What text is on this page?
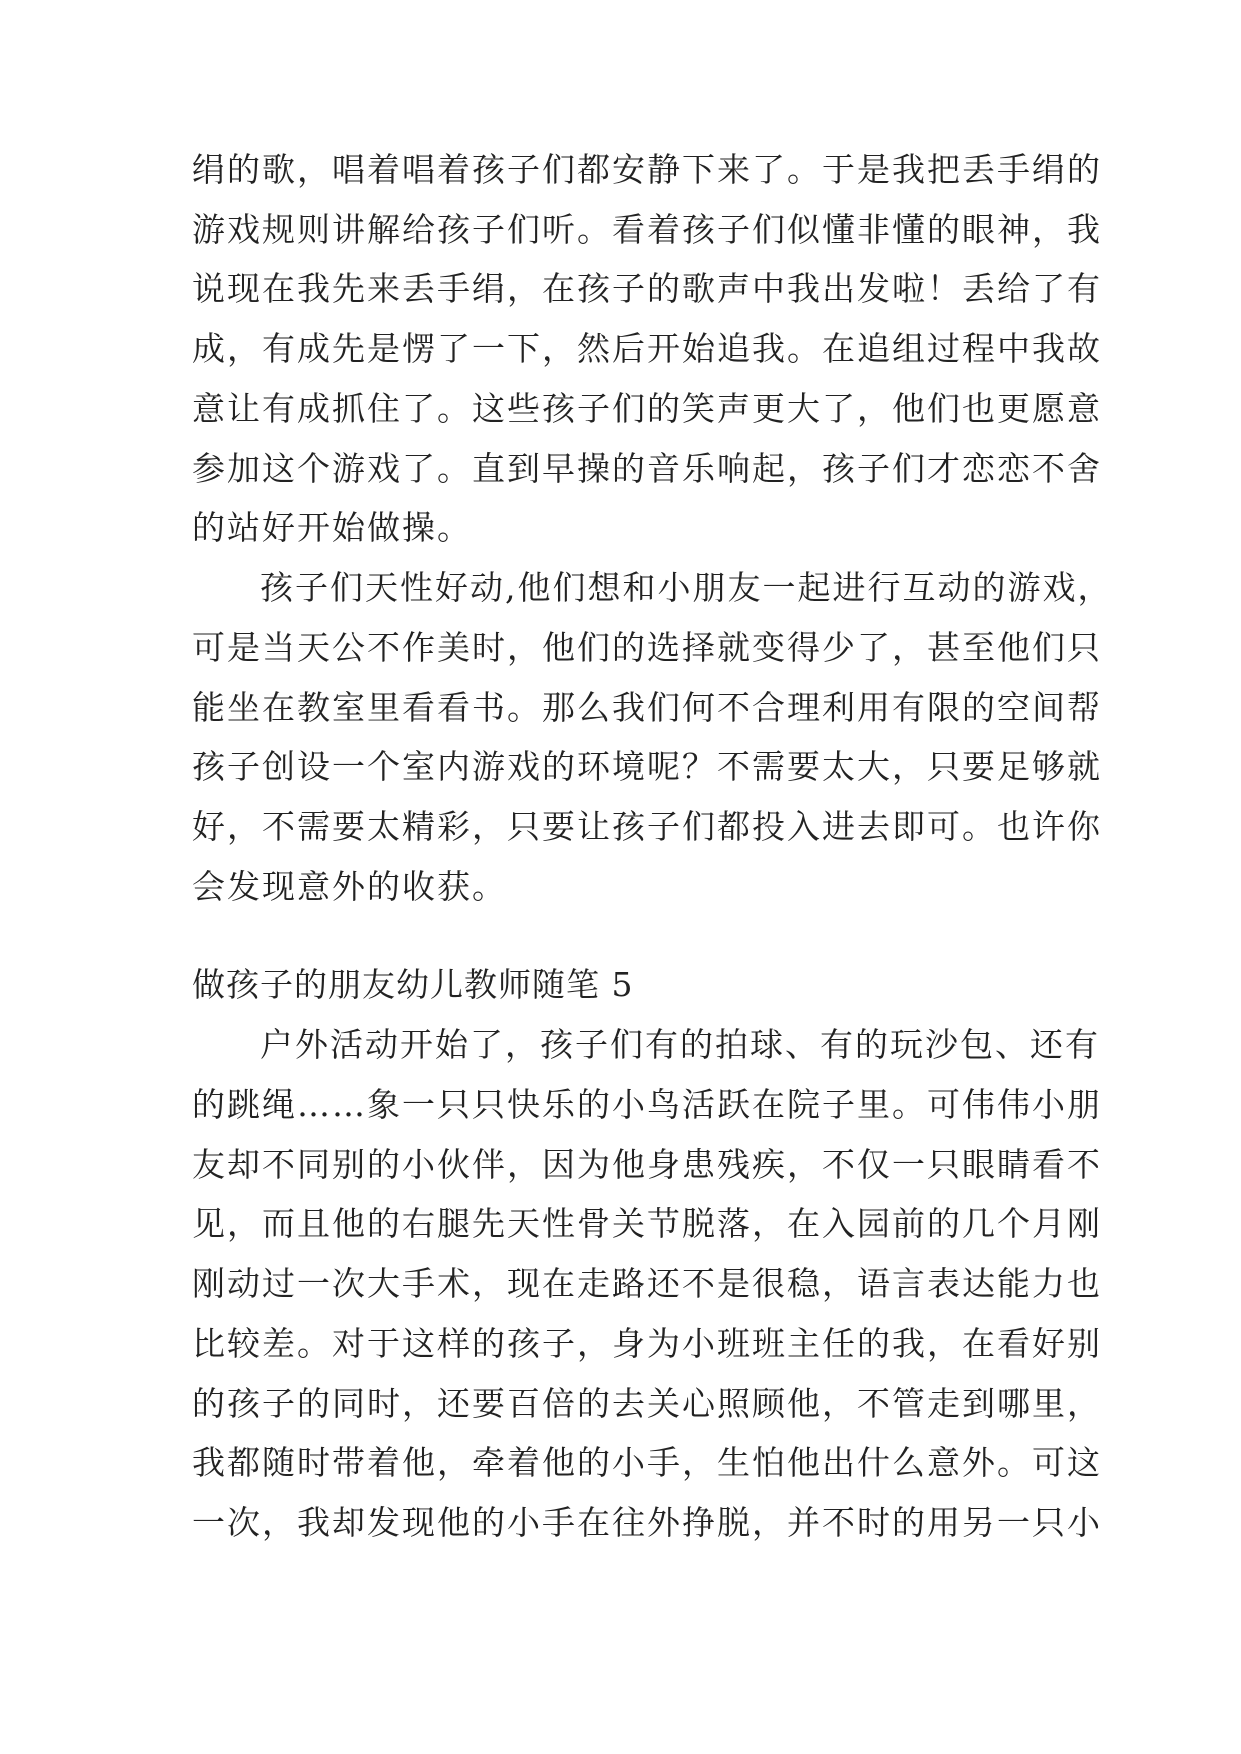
绢的歌，唱着唱着孩子们都安静下来了。于是我把丢手绢的
游戏规则讲解给孩子们听。看着孩子们似懂非懂的眼神，我
说现在我先来丢手绢，在孩子的歌声中我出发啦！丢给了有
成，有成先是愣了一下，然后开始追我。在追组过程中我故
意让有成抓住了。这些孩子们的笑声更大了，他们也更愿意
参加这个游戏了。直到早操的音乐响起，孩子们才恋恋不舍
的站好开始做操。
孩子们天性好动,他们想和小朋友一起进行互动的游戏，
可是当天公不作美时，他们的选择就变得少了，甚至他们只
能坐在教室里看看书。那么我们何不合理利用有限的空间帮
孩子创设一个室内游戏的环境呢？不需要太大，只要足够就
好，不需要太精彩，只要让孩子们都投入进去即可。也许你
会发现意外的收获。
做孩子的朋友幼儿教师随笔 5
户外活动开始了，孩子们有的拍球、有的玩沙包、还有
的跳绳……象一只只快乐的小鸟活跃在院子里。可伟伟小朋
友却不同别的小伙伴，因为他身患残疾，不仅一只眼睛看不
见，而且他的右腿先天性骨关节脱落，在入园前的几个月刚
刚动过一次大手术，现在走路还不是很稳，语言表达能力也
比较差。对于这样的孩子，身为小班班主任的我，在看好别
的孩子的同时，还要百倍的去关心照顾他，不管走到哪里，
我都随时带着他，牵着他的小手，生怕他出什么意外。可这
一次，我却发现他的小手在往外挣脱，并不时的用另一只小
